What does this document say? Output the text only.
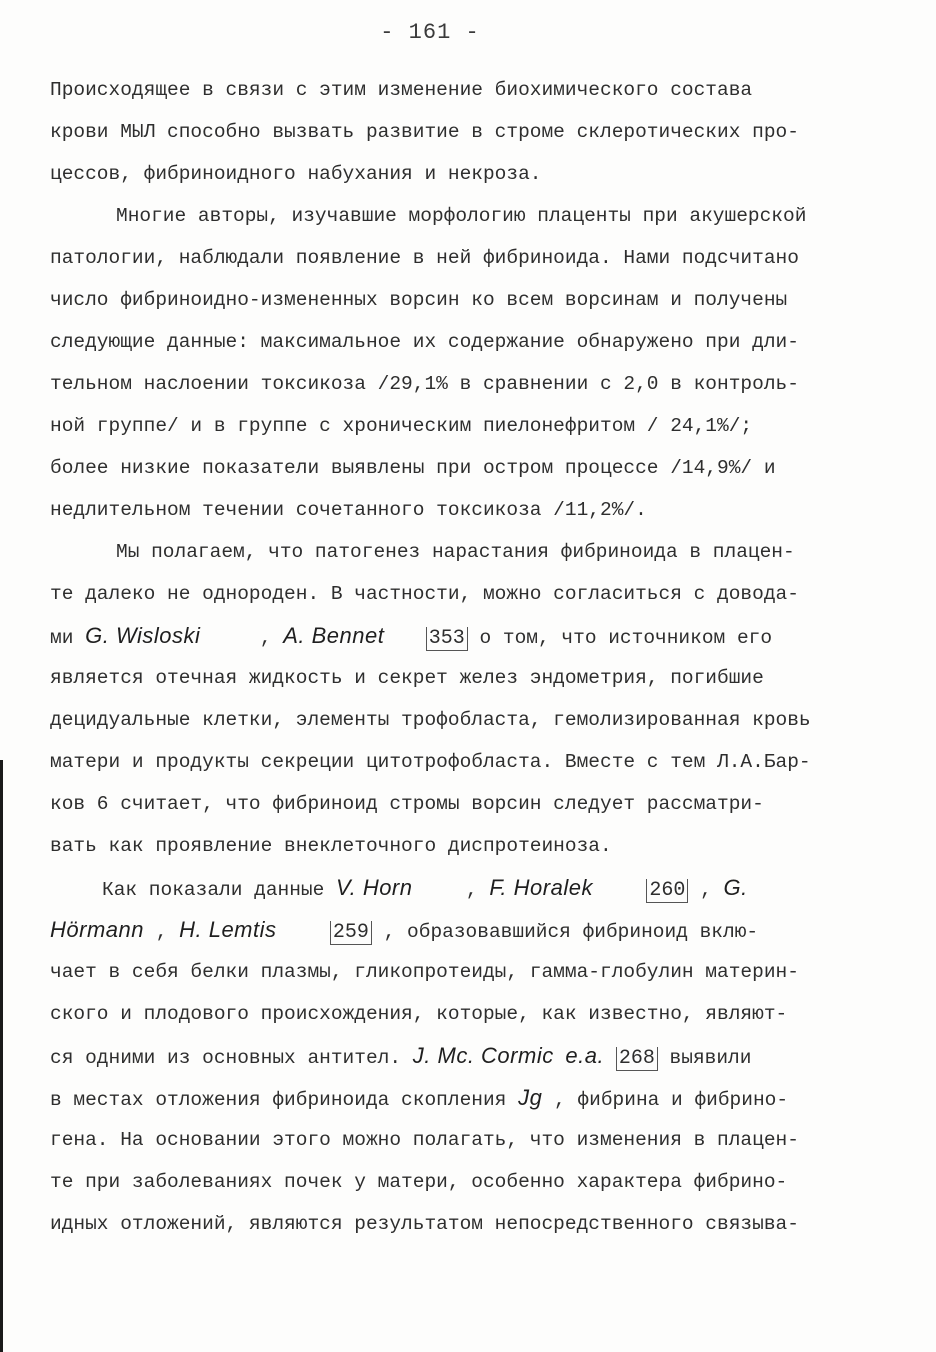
- 161 -
Происходящее в связи с этим изменение биохимического состава
крови МЫЛ способно вызвать развитие в строме склеротических про-
цессов, фибриноидного набухания и некроза.
Многие авторы, изучавшие морфологию плаценты при акушерской
патологии, наблюдали появление в ней фибриноида. Нами подсчитано
число фибриноидно-измененных ворсин ко всем ворсинам и получены
следующие данные: максимальное их содержание обнаружено при дли-
тельном наслоении токсикоза /29,1% в сравнении с 2,0 в контроль-
ной группе/ и в группе с хроническим пиелонефритом / 24,1%/;
более низкие показатели выявлены при остром процессе /14,9%/ и
недлительном течении сочетанного токсикоза /11,2%/.
Мы полагаем, что патогенез нарастания фибриноида в плацен-
те далеко не однороден. В частности, можно согласиться с довода-
ми G. Wisloski	, A. Bennet 353 о том, что источником его
является отечная жидкость и секрет желез эндометрия, погибшие
децидуальные клетки, элементы трофобласта, гемолизированная кровь
матери и продукты секреции цитотрофобласта. Вместе с тем Л.А.Бар-
ков 6 считает, что фибриноид стромы ворсин следует рассматри-
вать как проявление внеклеточного диспротеиноза.
Как показали данные V. Horn	, F. Horalek	260 , G.
Hörmann , H. Lemtis	259 , образовавшийся фибриноид вклю-
чает в себя белки плазмы, гликопротеиды, гамма-глобулин материн-
ского и плодового происхождения, которые, как известно, являют-
ся одними из основных антител. J. Mc. Cormic e.a. 268 выявили
в местах отложения фибриноида скопления Jg , фибрина и фибрино-
гена. На основании этого можно полагать, что изменения в плацен-
те при заболеваниях почек у матери, особенно характера фибрино-
идных отложений, являются результатом непосредственного связыва-
